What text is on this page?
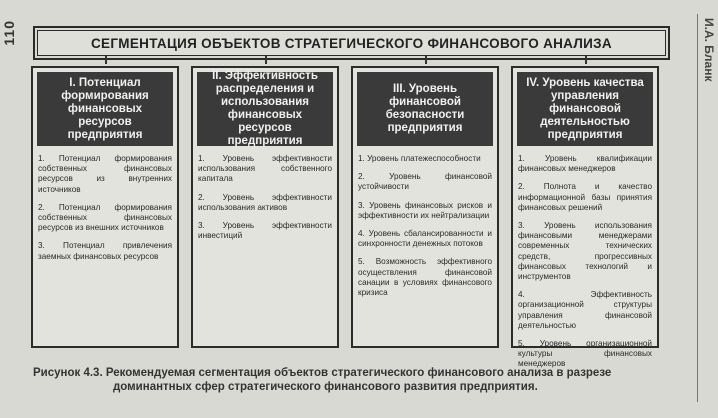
110	И.А. Бланк
СЕГМЕНТАЦИЯ ОБЪЕКТОВ СТРАТЕГИЧЕСКОГО ФИНАНСОВОГО АНАЛИЗА
I. Потенциал формирования финансовых ресурсов предприятия
1. Потенциал формирования собственных финансовых ресурсов из внутренних источников
2. Потенциал формирования собственных финансовых ресурсов из внешних источников
3. Потенциал привлечения заемных финансовых ресурсов
II. Эффективность распределения и использования финансовых ресурсов предприятия
1. Уровень эффективности использования собственного капитала
2. Уровень эффективности использования активов
3. Уровень эффективности инвестиций
III. Уровень финансовой безопасности предприятия
1. Уровень платежеспособности
2. Уровень финансовой устойчивости
3. Уровень финансовых рисков и эффективности их нейтрализации
4. Уровень сбалансированности и синхронности денежных потоков
5. Возможность эффективного осуществления финансовой санации в условиях финансового кризиса
IV. Уровень качества управления финансовой деятельностью предприятия
1. Уровень квалификации финансовых менеджеров
2. Полнота и качество информационной базы принятия финансовых решений
3. Уровень использования финансовыми менеджерами современных технических средств, прогрессивных финансовых технологий и инструментов
4. Эффективность организационной структуры управления финансовой деятельностью
5. Уровень организационной культуры финансовых менеджеров
Рисунок 4.3. Рекомендуемая сегментация объектов стратегического финансового анализа в разрезе
доминантных сфер стратегического финансового развития предприятия.
